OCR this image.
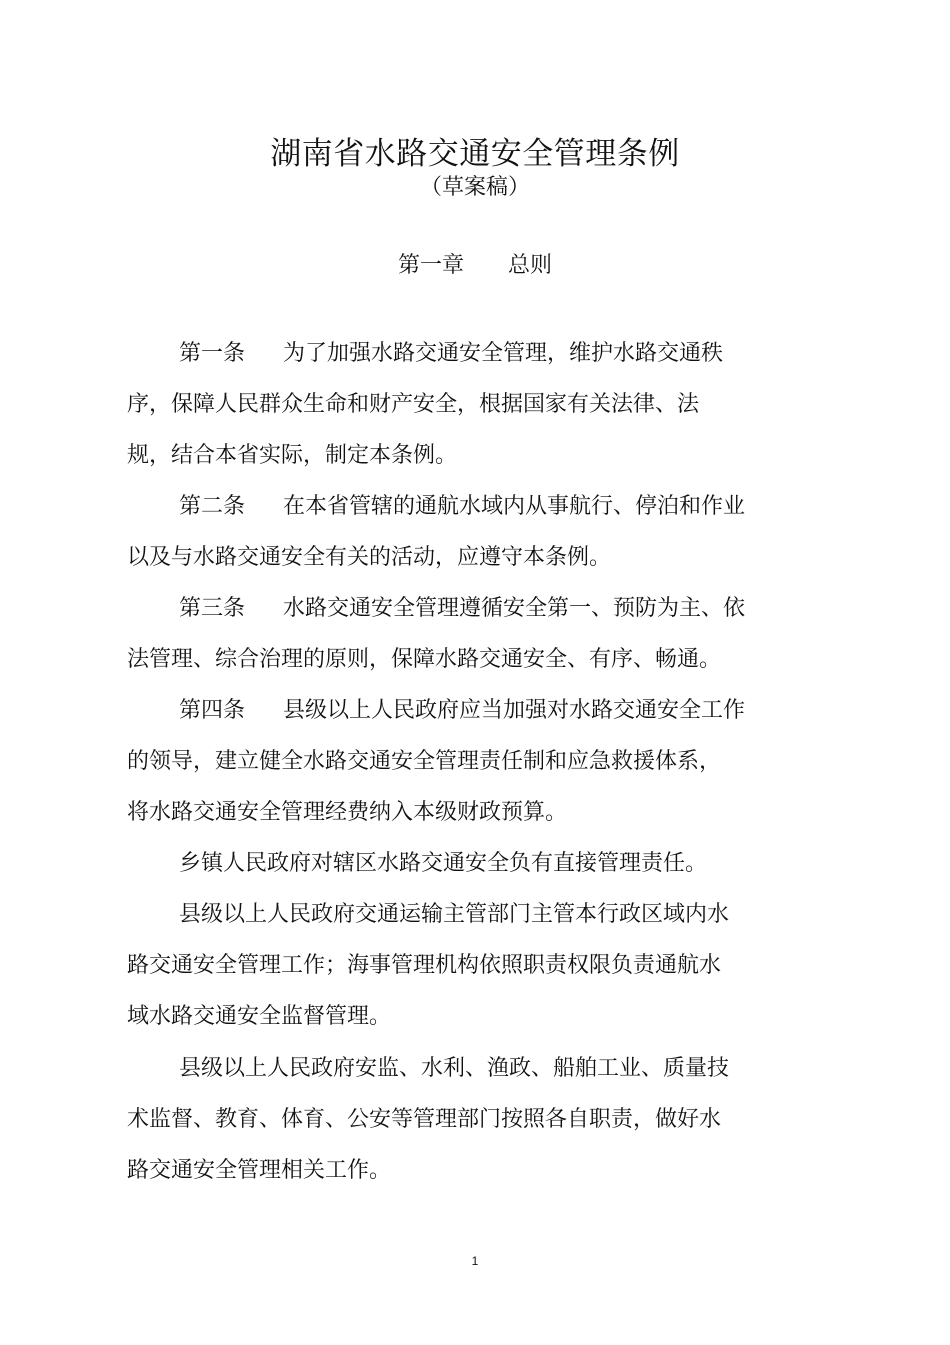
湖南省水路交通安全管理条例
（草案稿）
第一章 总则
第一条 为了加强水路交通安全管理，维护水路交通秩
序，保障人民群众生命和财产安全，根据国家有关法律、法
规，结合本省实际，制定本条例。
第二条 在本省管辖的通航水域内从事航行、停泊和作业
以及与水路交通安全有关的活动，应遵守本条例。
第三条 水路交通安全管理遵循安全第一、预防为主、依
法管理、综合治理的原则，保障水路交通安全、有序、畅通。
第四条 县级以上人民政府应当加强对水路交通安全工作
的领导，建立健全水路交通安全管理责任制和应急救援体系，
将水路交通安全管理经费纳入本级财政预算。
乡镇人民政府对辖区水路交通安全负有直接管理责任。
县级以上人民政府交通运输主管部门主管本行政区域内水
路交通安全管理工作；海事管理机构依照职责权限负责通航水
域水路交通安全监督管理。
县级以上人民政府安监、水利、渔政、船舶工业、质量技
术监督、教育、体育、公安等管理部门按照各自职责，做好水
路交通安全管理相关工作。
1
